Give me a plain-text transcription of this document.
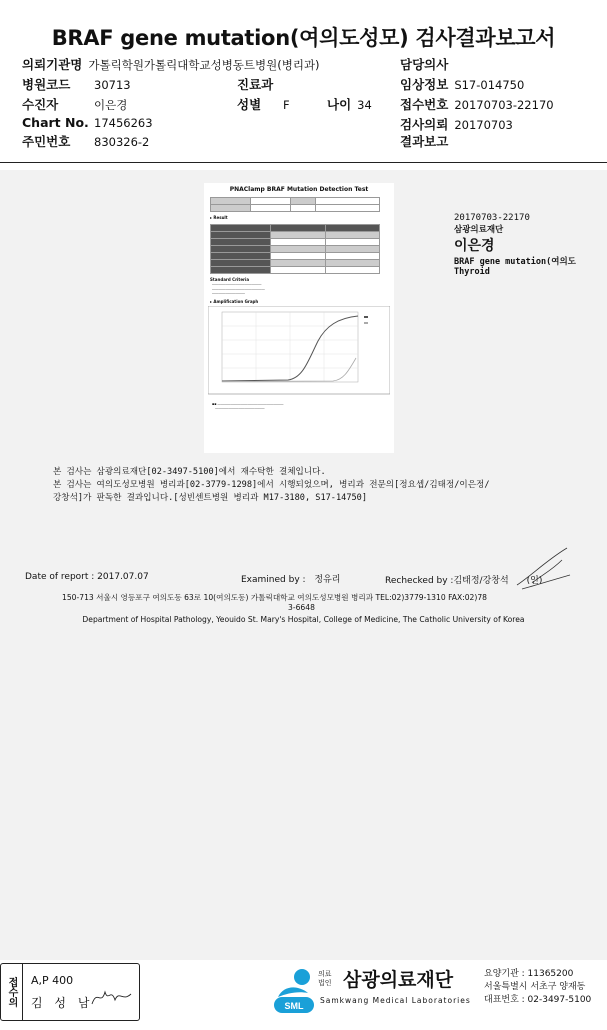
BRAF gene mutation(여의도성모) 검사결과보고서
의뢰기관명 가톨릭학원가톨릭대학교성병동트병원(병리과)	담당의사
병원코드 30713	진료과	임상정보 S17-014750
수진자	이은경	성별 F	나이 34 접수번호 20170703-22170
Chart No. 17456263	검사의뢰 20170703
주민번호 830326-2	결과보고
PNAClamp BRAF Mutation Detection Test

▸ Result

Standard Criteria
―――――――――――――――
――――――――――――――――
――――――――――
▸ Amplification Graph
▪▪ ――――――――――――――――――――
―――――――――――――――
20170703-22170
삼광의료재단
이은경
BRAF gene mutation(여의도
Thyroid
본 검사는 삼광의료재단[02-3497-5100]에서 재수탁한 결체입니다.
본 검사는 여의도성모병원 병리과[02-3779-1298]에서 시행되었으며, 병리과 전문의[정요셉/김태정/이은정/
강창석]가 판독한 결과입니다.[성빈센트병원 병리과 M17-3180, S17-14750]
Date of report : 2017.07.07	Examined by : 정유리	Rechecked by :김태정/강창석 (인)
150-713 서울시 영등포구 여의도동 63로 10(여의도동) 가톨릭대학교 여의도성모병원 병리과 TEL:02)3779-1310 FAX:02)78
3-6648
Department of Hospital Pathology, Yeouido St. Mary's Hospital, College of Medicine, The Catholic University of Korea
접수의	A,P 400
김 성 남	SML
의료
법인 삼광의료재단
Samkwang Medical Laboratories
요양기관 : 11365200
서울특별시 서초구 양재동
대표번호 : 02-3497-5100
